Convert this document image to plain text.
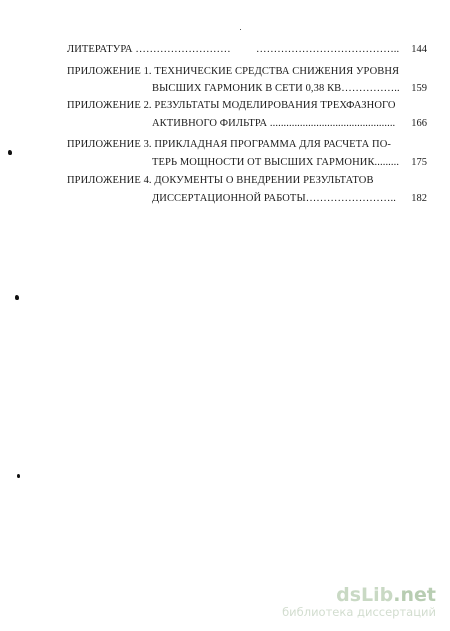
ЛИТЕРАТУРА ……………………… …………………………………..	144
ПРИЛОЖЕНИЕ 1. ТЕХНИЧЕСКИЕ СРЕДСТВА СНИЖЕНИЯ УРОВНЯ
ВЫСШИХ ГАРМОНИК В СЕТИ 0,38 КВ……………..	159
ПРИЛОЖЕНИЕ 2. РЕЗУЛЬТАТЫ МОДЕЛИРОВАНИЯ ТРЕХФАЗНОГО
АКТИВНОГО ФИЛЬТРА ..............................................	166
ПРИЛОЖЕНИЕ 3. ПРИКЛАДНАЯ ПРОГРАММА ДЛЯ РАСЧЕТА ПО-
ТЕРЬ МОЩНОСТИ ОТ ВЫСШИХ ГАРМОНИК.........	175
ПРИЛОЖЕНИЕ 4. ДОКУМЕНТЫ О ВНЕДРЕНИИ РЕЗУЛЬТАТОВ
ДИССЕРТАЦИОННОЙ РАБОТЫ……………………..	182
dsLib.net
библиотека диссертаций
